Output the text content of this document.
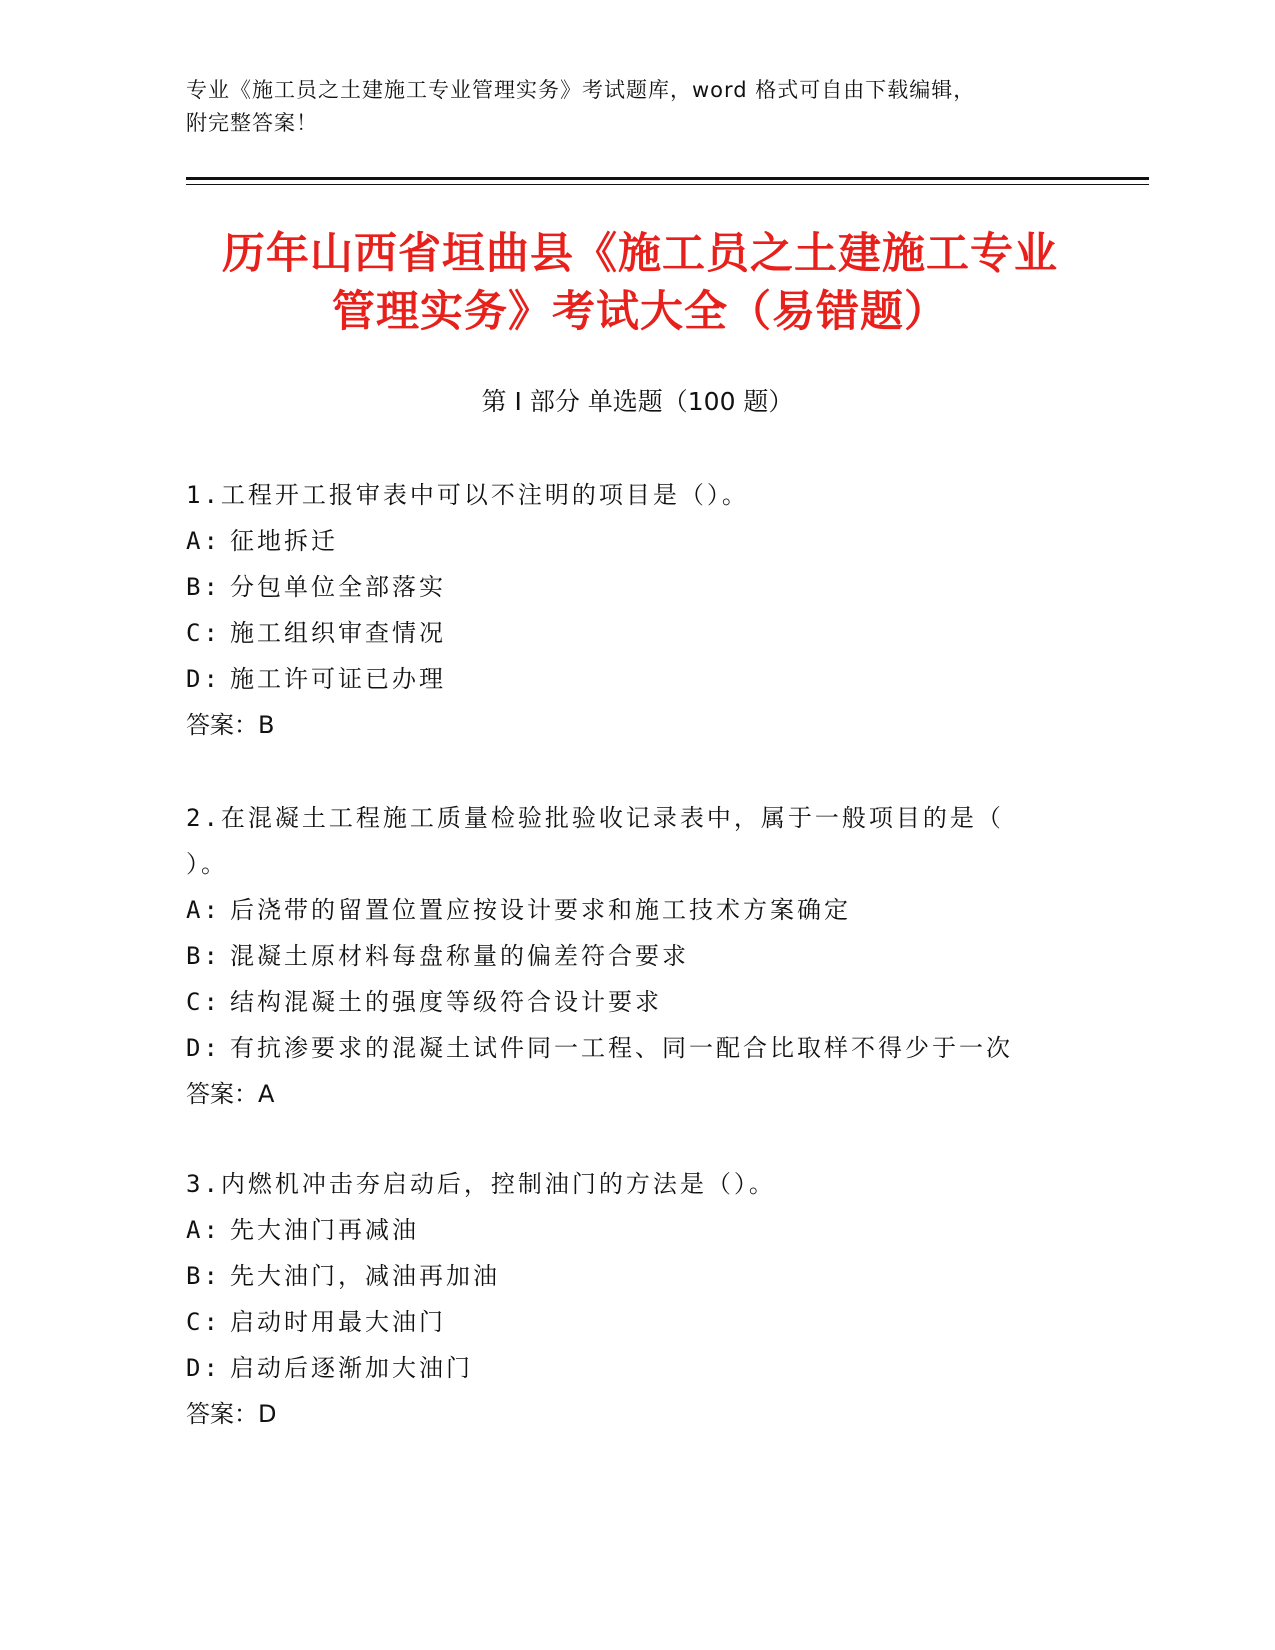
专业《施工员之土建施工专业管理实务》考试题库，word 格式可自由下载编辑，
附完整答案！
历年山西省垣曲县《施工员之土建施工专业
管理实务》考试大全（易错题）
第 I 部分 单选题（100 题）
1.工程开工报审表中可以不注明的项目是（）。
A: 征地拆迁
B: 分包单位全部落实
C: 施工组织审查情况
D: 施工许可证已办理
答案：B
2.在混凝土工程施工质量检验批验收记录表中，属于一般项目的是（
）。
A: 后浇带的留置位置应按设计要求和施工技术方案确定
B: 混凝土原材料每盘称量的偏差符合要求
C: 结构混凝土的强度等级符合设计要求
D: 有抗渗要求的混凝土试件同一工程、同一配合比取样不得少于一次
答案：A
3.内燃机冲击夯启动后，控制油门的方法是（）。
A: 先大油门再减油
B: 先大油门，减油再加油
C: 启动时用最大油门
D: 启动后逐渐加大油门
答案：D
